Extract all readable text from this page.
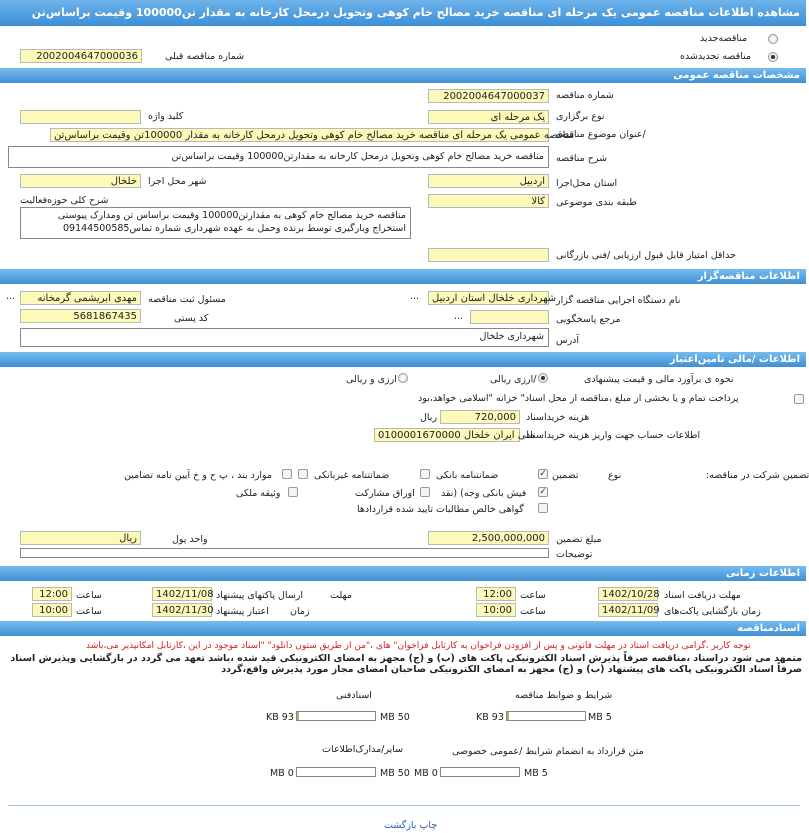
مشاهده اطلاعات مناقصه عمومی یک مرحله ای مناقصه خرید مصالح خام کوهی وتحویل درمحل کارخانه به مقدار تن100000 وقیمت براساس‌تن
مناقصه‌جدید
مناقصه تجدیدشده
شماره مناقصه قبلی
2002004647000036
مشخصات مناقصه عمومی
شماره مناقصه
2002004647000037
نوع برگزاری
یک مرحله ای
کلید واژه
/عنوان موضوع مناقصه
مناقصه عمومی یک مرحله ای مناقصه خرید مصالح خام کوهی وتحویل درمحل کارخانه به مقدار 100000تن وقیمت براساس‌تن
شرح مناقصه
مناقصه خرید مصالح خام کوهی وتحویل درمحل کارخانه به مقدارتن100000 وقیمت براساس‌تن
استان محل‌اجرا
اردبیل
شهر محل اجرا
خلخال
طبقه بندی موضوعی
کالا
شرح کلی حوزه‌فعالیت
مناقصه خرید مصالح خام کوهی به مقدارتن100000 وقیمت براساس تن ومدارک پیوستی استخراج وبارگیری توسط برنده وحمل به عهده شهرداری شماره تماس09144500585
حداقل امتیاز قابل قبول ارزیابی /فنی بازرگانی
اطلاعات مناقصه‌گزار
نام دستگاه اجرایی مناقصه گزار
شهرداری خلخال استان اردبیل
...
مسئول ثبت مناقصه
مهدی ابریشمی گرمخانه
...
مرجع پاسخگویی
...
کد پستی
5681867435
آدرس
شهرداری خلخال
اطلاعات /مالی تامین‌اعتبار
نحوه ی برآورد مالی و قیمت پیشنهادی
/ارزی ریالی
ارزی و ریالی
پرداخت تمام و یا بخشی از مبلغ ،مناقصه از محل اسناد" خزانه "اسلامی خواهد،بود
هزینه خرید‌اسناد
720,000
ریال
اطلاعات حساب جهت واریز هزینه خرید‌اسناد
ملی ایران خلخال 0100001670000
تضمین شرکت در مناقصه:
نوع
✓ تضمین
ضمانتنامه بانکی
ضمانتنامه غیربانکی
موارد بند ، پ ح و خ آیین نامه تضامین
✓
فیش بانکی وجه) (نقد
اوراق مشارکت
وثیقه ملکی
گواهی خالص مطالبات تایید شده قراردادها
مبلغ تضمین
2,500,000,000
واحد پول
ریال
توضیحات
اطلاعات زمانی
مهلت دریافت اسناد
1402/10/28
ساعت
12:00
مهلت
ارسال پاکتهای پیشنهاد
1402/11/08
ساعت
12:00
زمان بازگشایی پاکت‌های
1402/11/09
ساعت
10:00
زمان
اعتبار پیشنهاد
1402/11/30
ساعت
10:00
اسنادمناقصه
توجه کاربر ،گرامی دریافت اسناد در مهلت قانونی و پس از افزودن فراخوان به کارتابل فراخوان" های ،"من از طریق ستون دانلود" "اسناد موجود در این ،کارتابل امکانپذیر می،باشد
متمهد می شود دراسناد ،مناقصه صرفاً پذیرش اسناد الکترونیکی پاکت های (ب) و (ج) مجهز به امضای الکترونیکی قید شده ،باشد تعهد می گردد در بازگشایی وپذیرش اسناد صرفاً اسناد الکترونیکی پاکت های پیشنهاد (ب) و (ج) مجهز به امضای الکترونیکی صاحبان امضای مجاز مورد پذیرش واقع،گردد
شرایط و ضوابط مناقصه
5 MB
93 KB
اسنادفنی
50 MB
93 KB
متن قرارداد به انضمام شرایط /عمومی خصوصی
5 MB
0 MB
سایر/مدارک‌اطلاعات
50 MB
0 MB
چاپ بازگشت
